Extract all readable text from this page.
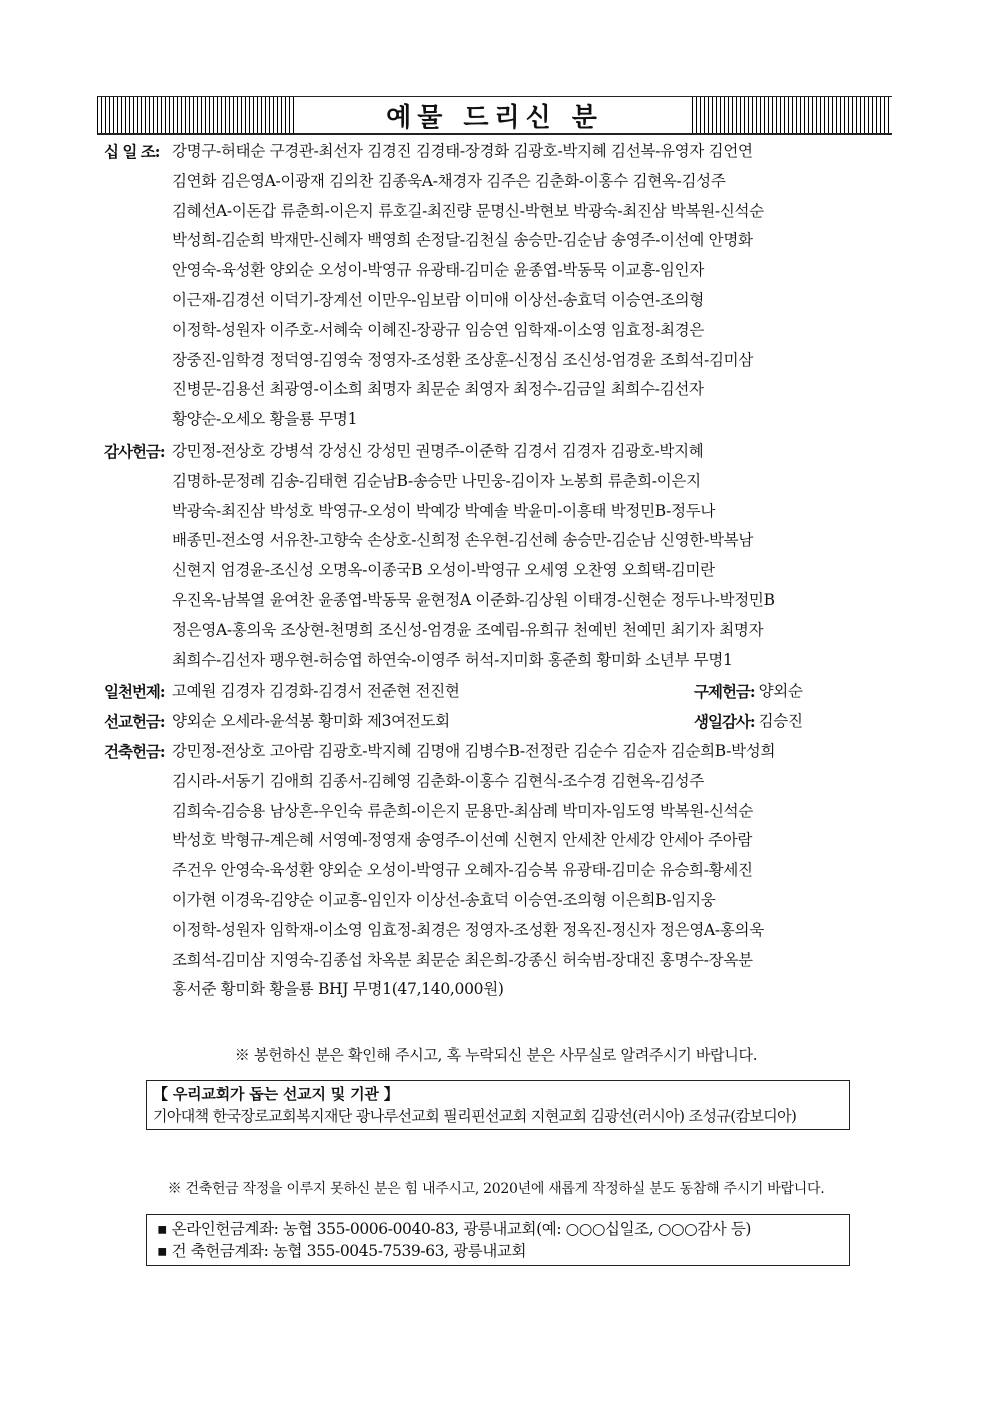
예물 드리신 분
십 일 조: 강명구-허태순 구경관-최선자 김경진 김경태-장경화 김광호-박지혜 김선복-유영자 김언연
김연화 김은영A-이광재 김의찬 김종욱A-채경자 김주은 김춘화-이홍수 김현옥-김성주
김혜선A-이돈갑 류춘희-이은지 류호길-최진량 문명신-박현보 박광숙-최진삼 박복원-신석순
박성희-김순희 박재만-신혜자 백영희 손정달-김천실 송승만-김순남 송영주-이선예 안명화
안영숙-육성환 양외순 오성이-박영규 유광태-김미순 윤종엽-박동묵 이교흥-임인자
이근재-김경선 이덕기-장계선 이만우-임보람 이미애 이상선-송효덕 이승연-조의형
이정학-성원자 이주호-서혜숙 이혜진-장광규 임승연 임학재-이소영 임효정-최경은
장중진-임학경 정덕영-김영숙 정영자-조성환 조상훈-신정심 조신성-엄경윤 조희석-김미삼
진병문-김용선 최광영-이소희 최명자 최문순 최영자 최정수-김금일 최희수-김선자
황양순-오세오 황을룡 무명1
감사헌금: 강민정-전상호 강병석 강성신 강성민 권명주-이준학 김경서 김경자 김광호-박지혜
김명하-문정례 김송-김태현 김순남B-송승만 나민웅-김이자 노봉희 류춘희-이은지
박광숙-최진삼 박성호 박영규-오성이 박예강 박예솔 박윤미-이흥태 박정민B-정두나
배종민-전소영 서유찬-고향숙 손상호-신희정 손우현-김선혜 송승만-김순남 신영한-박복남
신현지 엄경윤-조신성 오명옥-이종국B 오성이-박영규 오세영 오찬영 오희택-김미란
우진옥-남복열 윤여찬 윤종엽-박동묵 윤현정A 이준화-김상원 이태경-신현순 정두나-박정민B
정은영A-홍의욱 조상현-천명희 조신성-엄경윤 조예림-유희규 천예빈 천예민 최기자 최명자
최희수-김선자 팽우현-허승엽 하연숙-이영주 허석-지미화 홍준희 황미화 소년부 무명1
일천번제: 고예원 김경자 김경화-김경서 전준현 전진현	구제헌금: 양외순
선교헌금: 양외순 오세라-윤석봉 황미화 제3여전도회	생일감사: 김승진
건축헌금: 강민정-전상호 고아람 김광호-박지혜 김명애 김병수B-전정란 김순수 김순자 김순희B-박성희
김시라-서동기 김애희 김종서-김혜영 김춘화-이홍수 김현식-조수경 김현옥-김성주
김희숙-김승용 남상흔-우인숙 류춘희-이은지 문용만-최삼례 박미자-임도영 박복원-신석순
박성호 박형규-계은혜 서영예-정영재 송영주-이선예 신현지 안세찬 안세강 안세아 주아람
주건우 안영숙-육성환 양외순 오성이-박영규 오혜자-김승복 유광태-김미순 유승희-황세진
이가현 이경욱-김양순 이교흥-임인자 이상선-송효덕 이승연-조의형 이은희B-임지웅
이정학-성원자 임학재-이소영 임효정-최경은 정영자-조성환 정옥진-정신자 정은영A-홍의욱
조희석-김미삼 지영숙-김종섭 차옥분 최문순 최은희-강종신 허숙범-장대진 홍명수-장옥분
홍서준 황미화 황을룡 BHJ 무명1(47,140,000원)
※ 봉헌하신 분은 확인해 주시고, 혹 누락되신 분은 사무실로 알려주시기 바랍니다.
【 우리교회가 돕는 선교지 및 기관 】
기아대책 한국장로교회복지재단 광나루선교회 필리핀선교회 지현교회 김광선(러시아) 조성규(캄보디아)
※ 건축헌금 작정을 이루지 못하신 분은 힘 내주시고, 2020년에 새롭게 작정하실 분도 동참해 주시기 바랍니다.
▪ 온라인헌금계좌: 농협 355-0006-0040-83, 광릉내교회(예: ○○○십일조, ○○○감사 등)
▪ 건 축헌금계좌: 농협 355-0045-7539-63, 광릉내교회
